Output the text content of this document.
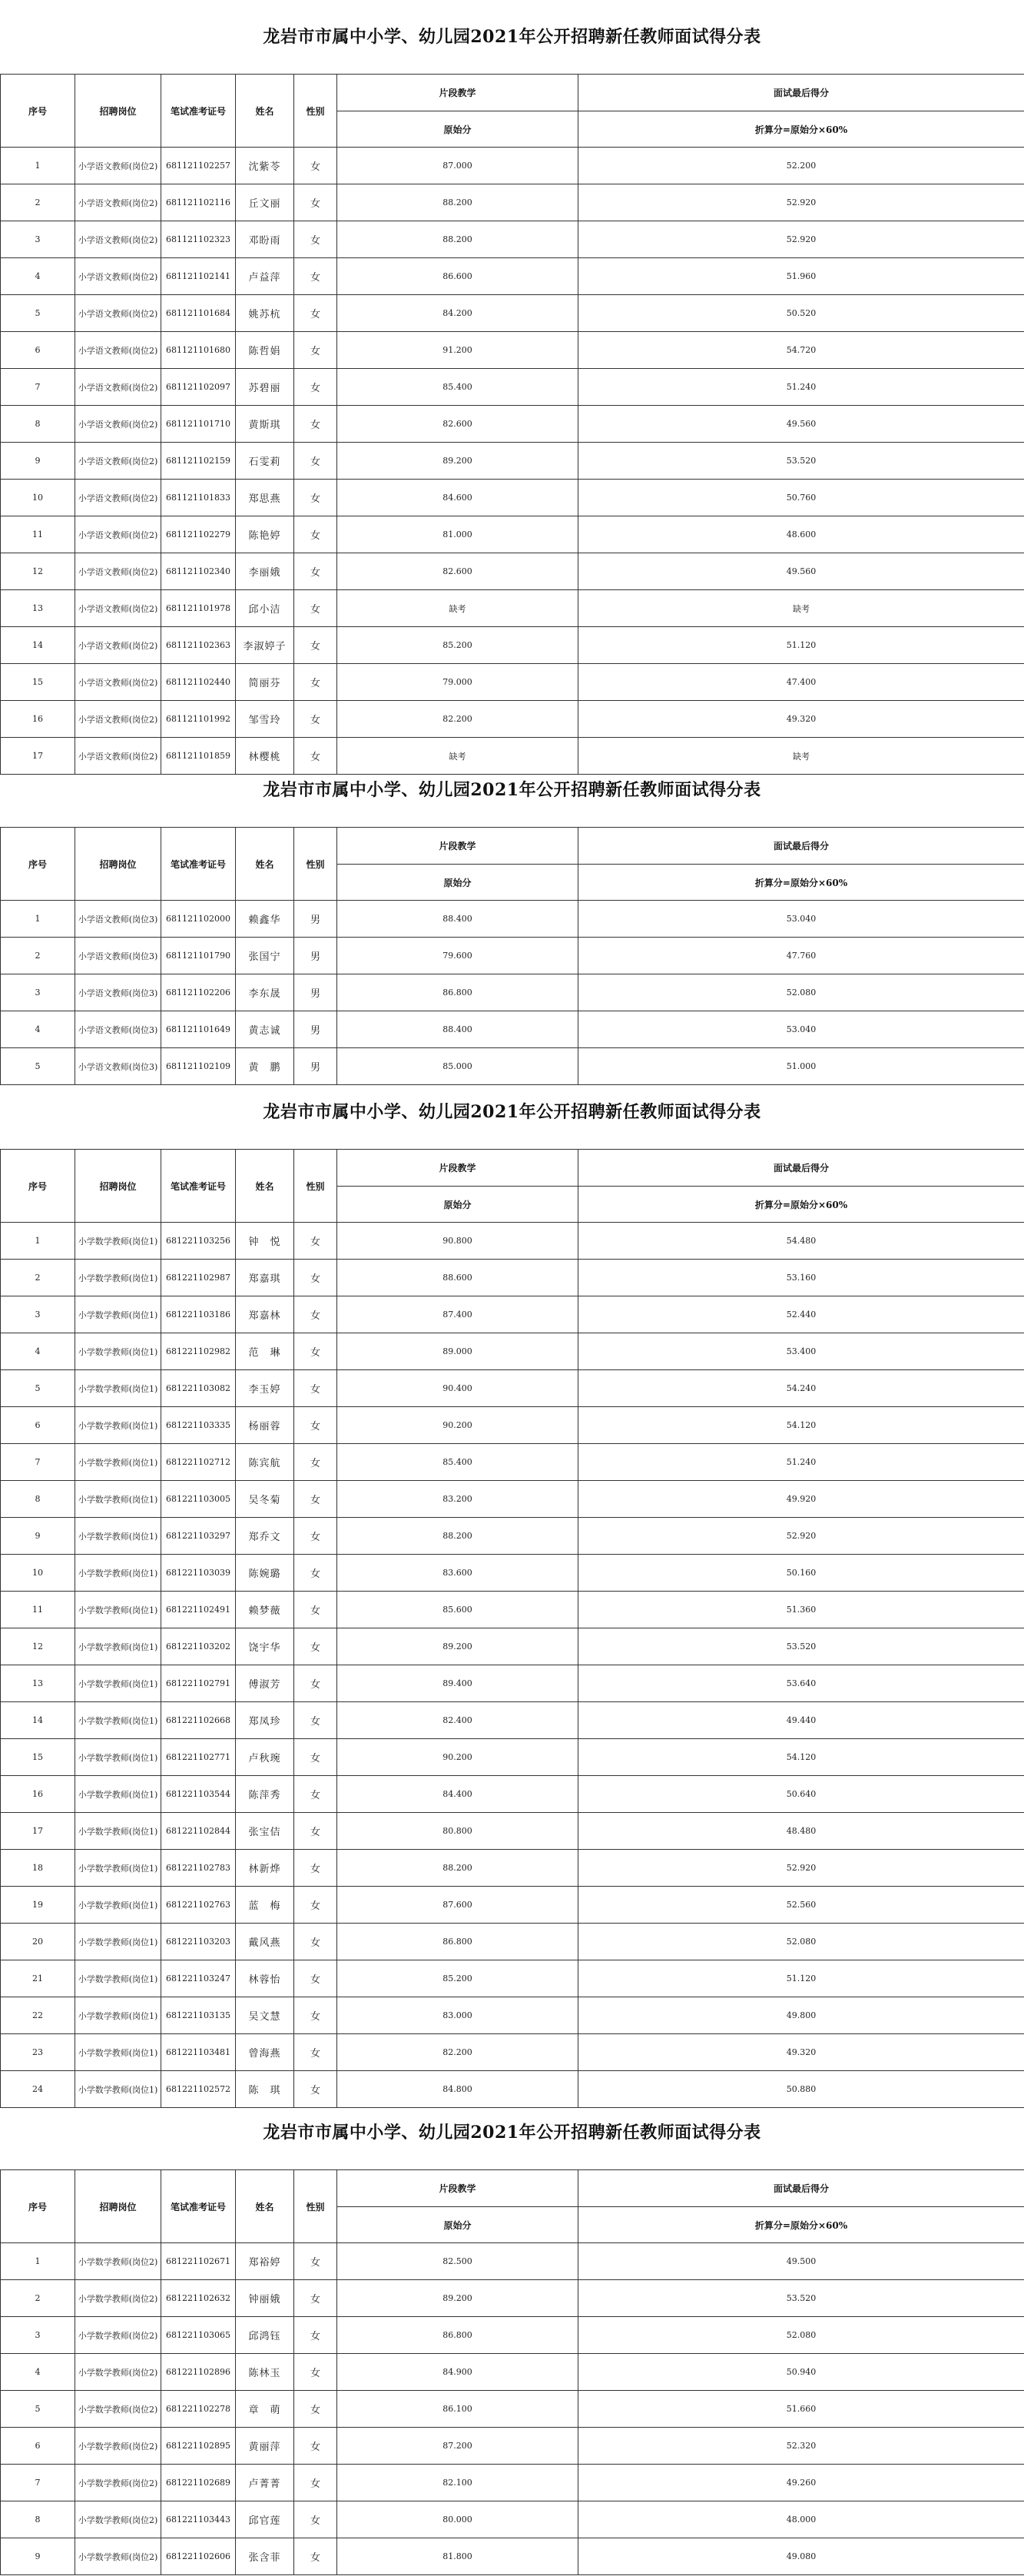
龙岩市市属中小学、幼儿园2021年公开招聘新任教师面试得分表
序号	招聘岗位	笔试准考证号	姓名	性别	片段教学	面试最后得分
					原始分	折算分=原始分×60%
1	小学语文教师(岗位2)	681121102257	沈紫苓	女	87.000	52.200
2	小学语文教师(岗位2)	681121102116	丘文丽	女	88.200	52.920
3	小学语文教师(岗位2)	681121102323	邓盼雨	女	88.200	52.920
4	小学语文教师(岗位2)	681121102141	卢益萍	女	86.600	51.960
5	小学语文教师(岗位2)	681121101684	姚苏杭	女	84.200	50.520
6	小学语文教师(岗位2)	681121101680	陈哲娟	女	91.200	54.720
7	小学语文教师(岗位2)	681121102097	苏碧丽	女	85.400	51.240
8	小学语文教师(岗位2)	681121101710	黄斯琪	女	82.600	49.560
9	小学语文教师(岗位2)	681121102159	石雯莉	女	89.200	53.520
10	小学语文教师(岗位2)	681121101833	郑思燕	女	84.600	50.760
11	小学语文教师(岗位2)	681121102279	陈艳婷	女	81.000	48.600
12	小学语文教师(岗位2)	681121102340	李丽娥	女	82.600	49.560
13	小学语文教师(岗位2)	681121101978	邱小洁	女	缺考	缺考
14	小学语文教师(岗位2)	681121102363	李淑婷子	女	85.200	51.120
15	小学语文教师(岗位2)	681121102440	简丽芬	女	79.000	47.400
16	小学语文教师(岗位2)	681121101992	邹雪玲	女	82.200	49.320
17	小学语文教师(岗位2)	681121101859	林樱桃	女	缺考	缺考
龙岩市市属中小学、幼儿园2021年公开招聘新任教师面试得分表
序号	招聘岗位	笔试准考证号	姓名	性别	片段教学	面试最后得分
					原始分	折算分=原始分×60%
1	小学语文教师(岗位3)	681121102000	赖鑫华	男	88.400	53.040
2	小学语文教师(岗位3)	681121101790	张国宁	男	79.600	47.760
3	小学语文教师(岗位3)	681121102206	李东晟	男	86.800	52.080
4	小学语文教师(岗位3)	681121101649	黄志诚	男	88.400	53.040
5	小学语文教师(岗位3)	681121102109	黄　鹏	男	85.000	51.000
龙岩市市属中小学、幼儿园2021年公开招聘新任教师面试得分表
序号	招聘岗位	笔试准考证号	姓名	性别	片段教学	面试最后得分
					原始分	折算分=原始分×60%
1	小学数学教师(岗位1)	681221103256	钟　悦	女	90.800	54.480
2	小学数学教师(岗位1)	681221102987	郑嘉琪	女	88.600	53.160
3	小学数学教师(岗位1)	681221103186	郑嘉林	女	87.400	52.440
4	小学数学教师(岗位1)	681221102982	范　琳	女	89.000	53.400
5	小学数学教师(岗位1)	681221103082	李玉婷	女	90.400	54.240
6	小学数学教师(岗位1)	681221103335	杨丽蓉	女	90.200	54.120
7	小学数学教师(岗位1)	681221102712	陈宾航	女	85.400	51.240
8	小学数学教师(岗位1)	681221103005	吴冬菊	女	83.200	49.920
9	小学数学教师(岗位1)	681221103297	郑乔文	女	88.200	52.920
10	小学数学教师(岗位1)	681221103039	陈婉璐	女	83.600	50.160
11	小学数学教师(岗位1)	681221102491	赖梦薇	女	85.600	51.360
12	小学数学教师(岗位1)	681221103202	饶宇华	女	89.200	53.520
13	小学数学教师(岗位1)	681221102791	傅淑芳	女	89.400	53.640
14	小学数学教师(岗位1)	681221102668	郑凤珍	女	82.400	49.440
15	小学数学教师(岗位1)	681221102771	卢秋琬	女	90.200	54.120
16	小学数学教师(岗位1)	681221103544	陈萍秀	女	84.400	50.640
17	小学数学教师(岗位1)	681221102844	张宝佶	女	80.800	48.480
18	小学数学教师(岗位1)	681221102783	林新烨	女	88.200	52.920
19	小学数学教师(岗位1)	681221102763	蓝　梅	女	87.600	52.560
20	小学数学教师(岗位1)	681221103203	戴风燕	女	86.800	52.080
21	小学数学教师(岗位1)	681221103247	林蓉怡	女	85.200	51.120
22	小学数学教师(岗位1)	681221103135	吴文慧	女	83.000	49.800
23	小学数学教师(岗位1)	681221103481	曾海燕	女	82.200	49.320
24	小学数学教师(岗位1)	681221102572	陈　琪	女	84.800	50.880
龙岩市市属中小学、幼儿园2021年公开招聘新任教师面试得分表
序号	招聘岗位	笔试准考证号	姓名	性别	片段教学	面试最后得分
					原始分	折算分=原始分×60%
1	小学数学教师(岗位2)	681221102671	郑裕婷	女	82.500	49.500
2	小学数学教师(岗位2)	681221102632	钟丽娥	女	89.200	53.520
3	小学数学教师(岗位2)	681221103065	邱鸿钰	女	86.800	52.080
4	小学数学教师(岗位2)	681221102896	陈林玉	女	84.900	50.940
5	小学数学教师(岗位2)	681221102278	章　萌	女	86.100	51.660
6	小学数学教师(岗位2)	681221102895	黄丽萍	女	87.200	52.320
7	小学数学教师(岗位2)	681221102689	卢菁菁	女	82.100	49.260
8	小学数学教师(岗位2)	681221103443	邱官莲	女	80.000	48.000
9	小学数学教师(岗位2)	681221102606	张含菲	女	81.800	49.080
